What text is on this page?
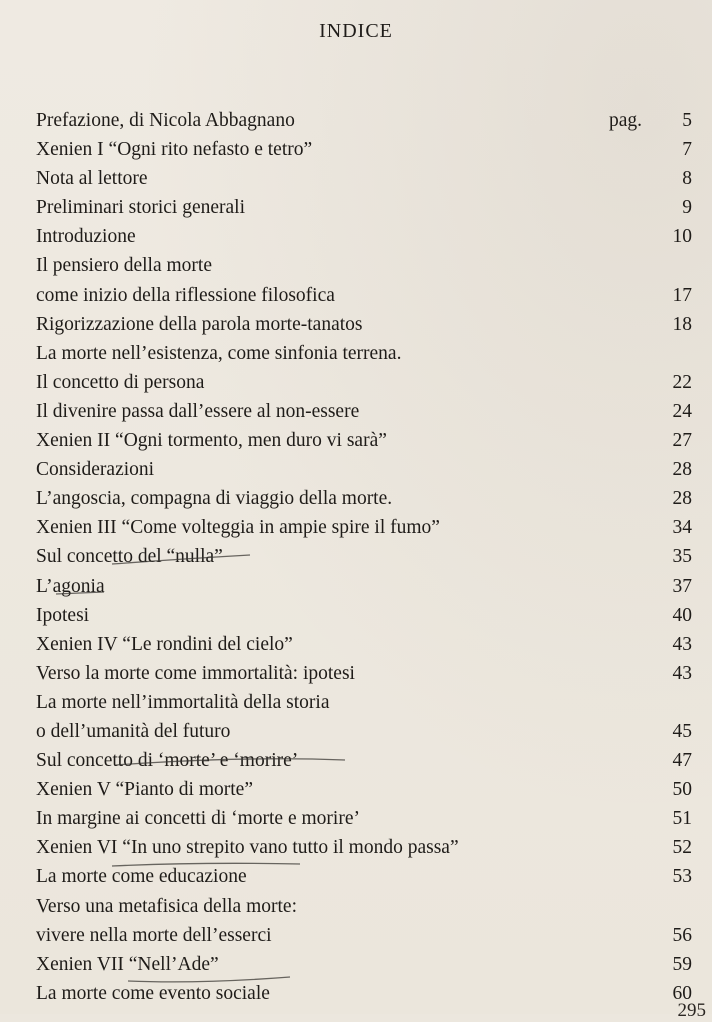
INDICE
Prefazione, di Nicola Abbagnano	pag. 5
Xenien I “Ogni rito nefasto e tetro”	7
Nota al lettore	8
Preliminari storici generali	9
Introduzione	10
Il pensiero della morte
come inizio della riflessione filosofica	17
Rigorizzazione della parola morte-tanatos	18
La morte nell’esistenza, come sinfonia terrena.
Il concetto di persona	22
Il divenire passa dall’essere al non-essere	24
Xenien II “Ogni tormento, men duro vi sarà”	27
Considerazioni	28
L’angoscia, compagna di viaggio della morte.	28
Xenien III “Come volteggia in ampie spire il fumo”	34
Sul concetto del “nulla”	35
L’agonia	37
Ipotesi	40
Xenien IV “Le rondini del cielo”	43
Verso la morte come immortalità: ipotesi	43
La morte nell’immortalità della storia
o dell’umanità del futuro	45
Sul concetto di ‘morte’ e ‘morire’	47
Xenien V “Pianto di morte”	50
In margine ai concetti di ‘morte e morire’	51
Xenien VI “In uno strepito vano tutto il mondo passa”	52
La morte come educazione	53
Verso una metafisica della morte:
vivere nella morte dell’esserci	56
Xenien VII “Nell’Ade”	59
La morte come evento sociale	60
295
